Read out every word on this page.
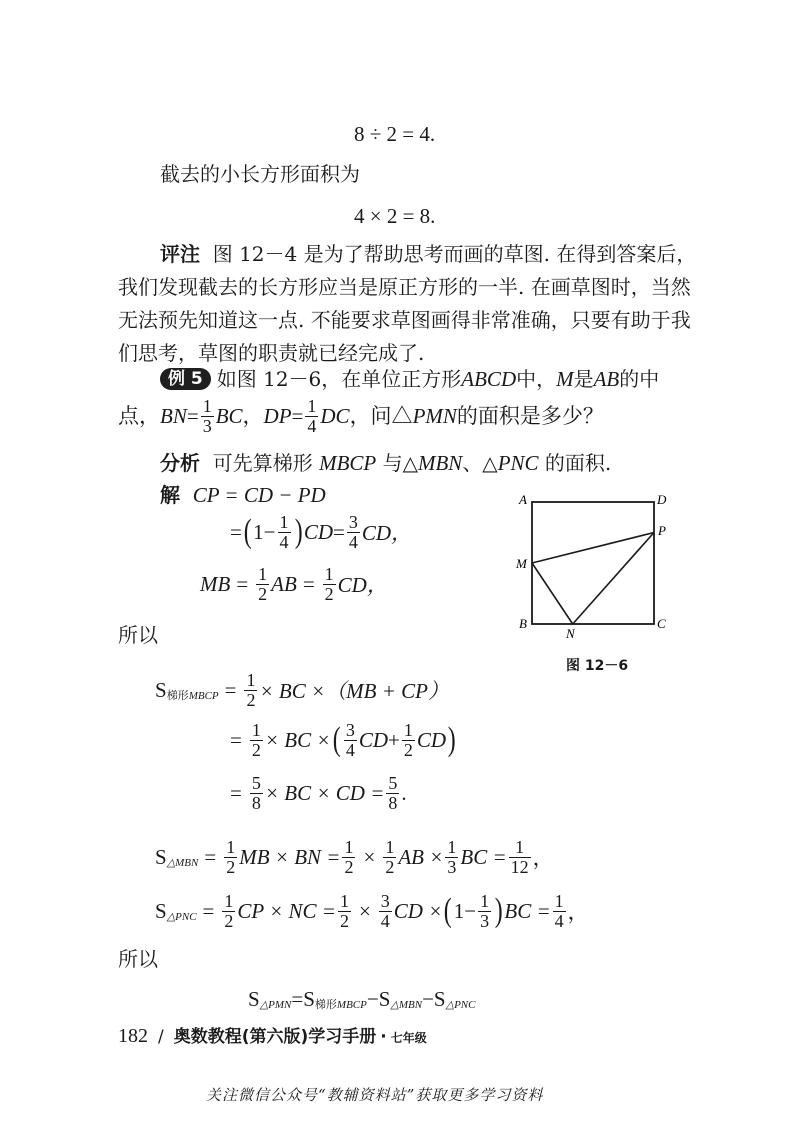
8 ÷ 2 = 4.
截去的小长方形面积为
4 × 2 = 8.
评注 图 12－4 是为了帮助思考而画的草图. 在得到答案后，
我们发现截去的长方形应当是原正方形的一半. 在画草图时，当然
无法预先知道这一点. 不能要求草图画得非常准确，只要有助于我
们思考，草图的职责就已经完成了.
例 5 如图 12－6，在单位正方形 ABCD 中， M 是 AB 的中
点， BN = $\frac{1}{3}$ BC ， DP = $\frac{1}{4}$ DC ，问△ PMN 的面积是多少？
分析 可先算梯形 MBCP 与△MBN、△PNC 的面积.
解 CP = CD − PD
= ( $1 - \frac{1}{4}$ ) CD = $\frac{3}{4}$ CD，
MB = $\frac{1}{2}$ AB = $\frac{1}{2}$ CD，
所以
A	D
P
M
B
N
C
图 12－6
S 梯形MBCP = $\frac{1}{2}$ × BC ×（MB + CP）
= $\frac{1}{2}$ × BC × ( $\frac{3}{4}$ CD + $\frac{1}{2}$ CD )
= $\frac{5}{8}$ × BC × CD = $\frac{5}{8}$ .
S △MBN = $\frac{1}{2}$ MB × BN = $\frac{1}{2} \times \frac{1}{2}$ AB × $\frac{1}{3}$ BC = $\frac{1}{12}$ ，
S △PNC = $\frac{1}{2}$ CP × NC = $\frac{1}{2} \times \frac{3}{4}$ CD × ( $1 - \frac{1}{3}$ ) BC = $\frac{1}{4}$ ，
所以
S △PMN = S 梯形MBCP − S △MBN − S △PNC
182 / 奥数教程(第六版)学习手册 · 七年级
关注微信公众号“教辅资料站”获取更多学习资料
